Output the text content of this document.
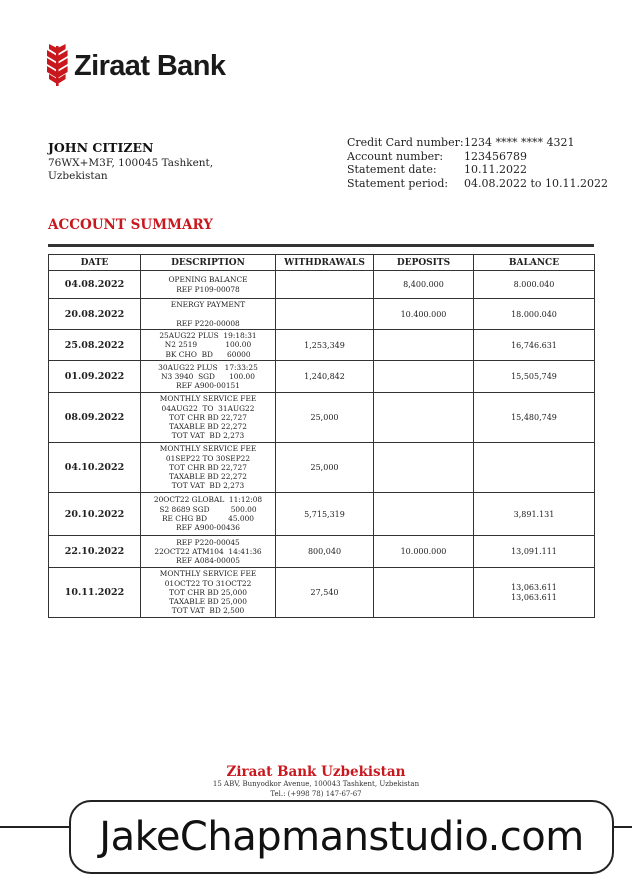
Ziraat Bank
JOHN CITIZEN
76WX+M3F, 100045 Tashkent,
Uzbekistan
Credit Card number: 1234 **** **** 4321
Account number:	123456789
Statement date:	10.11.2022
Statement period:	04.08.2022 to 10.11.2022
ACCOUNT SUMMARY
DATE	DESCRIPTION	WITHDRAWALS	DEPOSITS	BALANCE
04.08.2022	OPENING BALANCE
REF P109-00078		8,400.000	8.000.040
20.08.2022	ENERGY PAYMENT

REF P220-00008		10.400.000	18.000.040
25.08.2022	25AUG22 PLUS  19:18:31
N2 2519            100.00
BK CHO  BD      60000	1,253,349		16,746.631
01.09.2022	30AUG22 PLUS   17:33:25
N3 3940  SGD      100.00
REF A900-00151	1,240,842		15,505,749
08.09.2022	MONTHLY SERVICE FEE
04AUG22  TO  31AUG22
TOT CHR BD 22,727
TAXABLE BD 22,272
TOT VAT  BD 2,273	25,000		15,480,749
04.10.2022	MONTHLY SERVICE FEE
01SEP22 TO 30SEP22
TOT CHR BD 22,727
TAXABLE BD 22,272
TOT VAT  BD 2,273	25,000		
20.10.2022	20OCT22 GLOBAL  11:12:08
S2 8689 SGD         500.00
RE CHG BD         45.000
REF A900-00436	5,715,319		3,891.131
22.10.2022	REF P220-00045
22OCT22 ATM104  14:41:36
REF A084-00005	800,040	10.000.000	13,091.111
10.11.2022	MONTHLY SERVICE FEE
01OCT22 TO 31OCT22
TOT CHR BD 25,000
TAXABLE BD 25,000
TOT VAT  BD 2,500	27,540		13,063.611
13,063.611
Ziraat Bank Uzbekistan
15 ABV, Bunyodkor Avenue, 100043 Tashkent, Uzbekistan
Tel.: (+998 78) 147-67-67
JakeChapmanstudio.com
